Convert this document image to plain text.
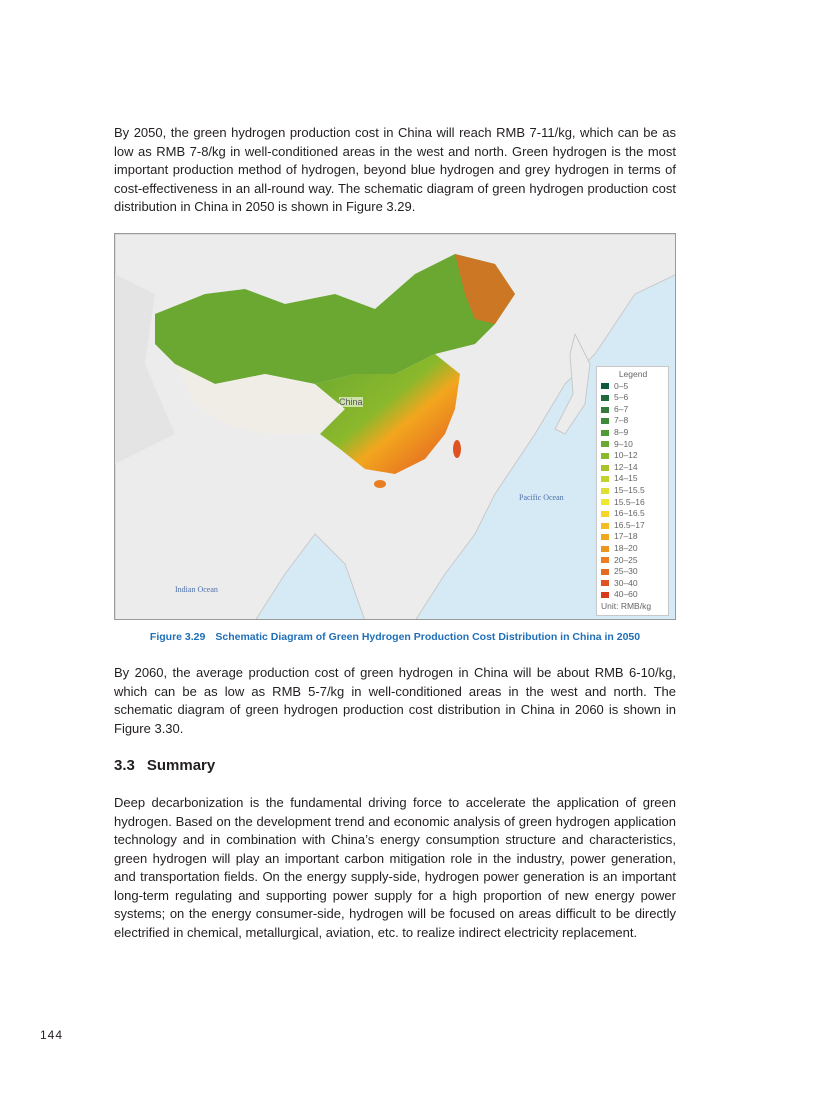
By 2050, the green hydrogen production cost in China will reach RMB 7-11/kg, which can be as low as RMB 7-8/kg in well-conditioned areas in the west and north. Green hydrogen is the most important production method of hydrogen, beyond blue hydrogen and grey hydrogen in terms of cost-effectiveness in an all-round way. The schematic diagram of green hydrogen production cost distribution in China in 2050 is shown in Figure 3.29.

China
Pacific Ocean
Indian Ocean
Legend
0–5
5–6
6–7
7–8
8–9
9–10
10–12
12–14
14–15
15–15.5
15.5–16
16–16.5
16.5–17
17–18
18–20
20–25
25–30
30–40
40–60
Unit: RMB/kg
Figure 3.29 Schematic Diagram of Green Hydrogen Production Cost Distribution in China in 2050

By 2060, the average production cost of green hydrogen in China will be about RMB 6-10/kg, which can be as low as RMB 5-7/kg in well-conditioned areas in the west and north. The schematic diagram of green hydrogen production cost distribution in China in 2060 is shown in Figure 3.30.

3.3 Summary

Deep decarbonization is the fundamental driving force to accelerate the application of green hydrogen. Based on the development trend and economic analysis of green hydrogen application technology and in combination with China’s energy consumption structure and characteristics, green hydrogen will play an important carbon mitigation role in the industry, power generation, and transportation fields. On the energy supply-side, hydrogen power generation is an important long-term regulating and supporting power supply for a high proportion of new energy power systems; on the energy consumer-side, hydrogen will be focused on areas difficult to be directly electrified in chemical, metallurgical, aviation, etc. to realize indirect electricity replacement.

144
